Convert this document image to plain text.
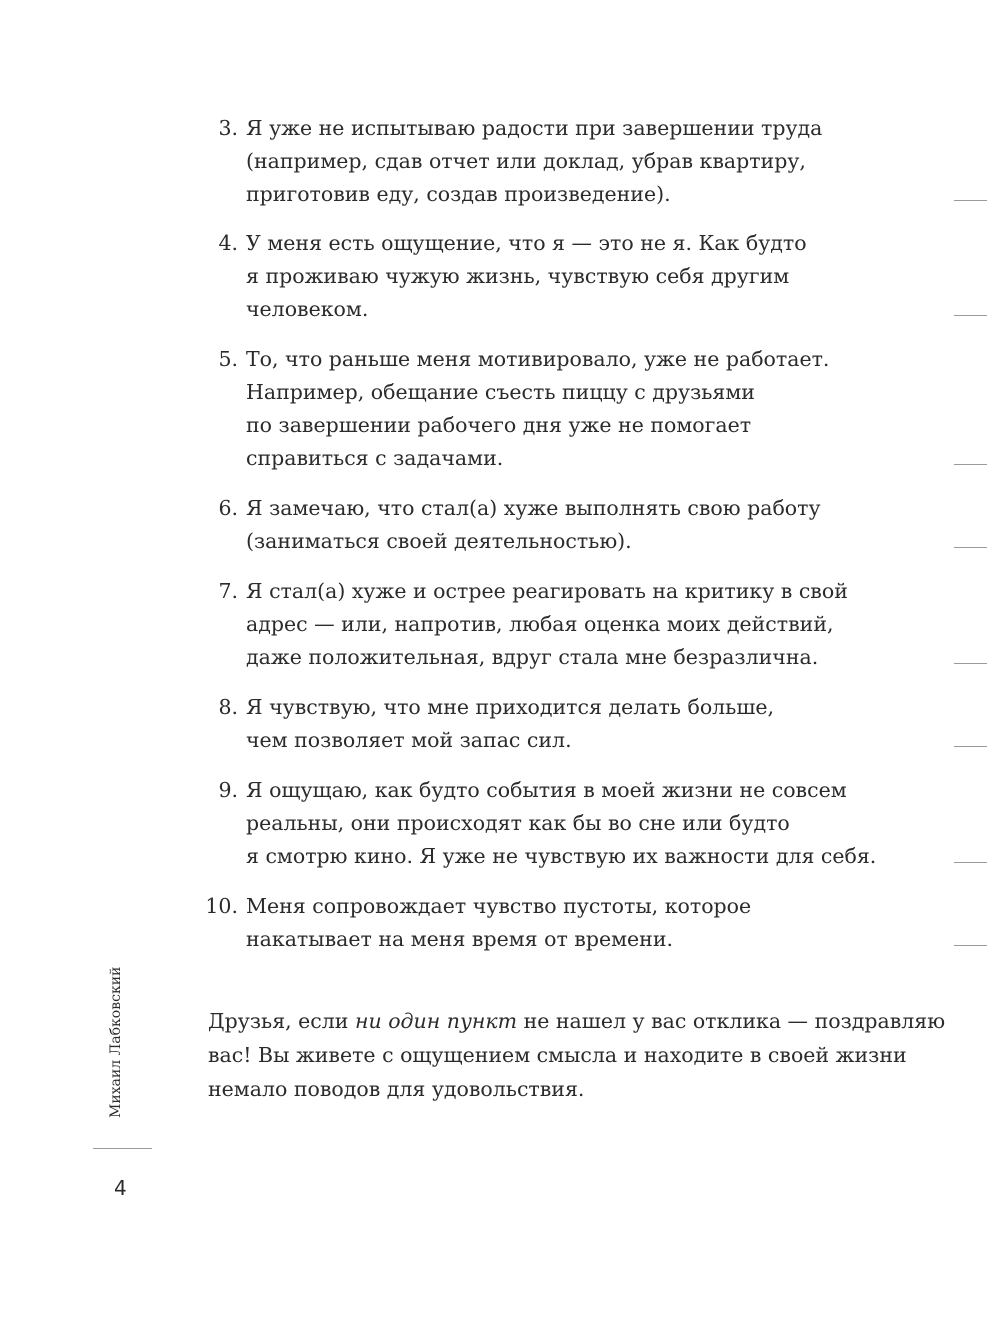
3. Я уже не испытываю радости при завершении труда
(например, сдав отчет или доклад, убрав квартиру,
приготовив еду, создав произведение).
4. У меня есть ощущение, что я — это не я. Как будто
я проживаю чужую жизнь, чувствую себя другим
человеком.
5. То, что раньше меня мотивировало, уже не работает.
Например, обещание съесть пиццу с друзьями
по завершении рабочего дня уже не помогает
справиться с задачами.
6. Я замечаю, что стал(а) хуже выполнять свою работу
(заниматься своей деятельностью).
7. Я стал(а) хуже и острее реагировать на критику в свой
адрес — или, напротив, любая оценка моих действий,
даже положительная, вдруг стала мне безразлична.
8. Я чувствую, что мне приходится делать больше,
чем позволяет мой запас сил.
9. Я ощущаю, как будто события в моей жизни не совсем
реальны, они происходят как бы во сне или будто
я смотрю кино. Я уже не чувствую их важности для себя.
10. Меня сопровождает чувство пустоты, которое
накатывает на меня время от времени.
Друзья, если ни один пункт не нашел у вас отклика — поздравляю
вас! Вы живете с ощущением смысла и находите в своей жизни
немало поводов для удовольствия.
Михаил Лабковский
4
